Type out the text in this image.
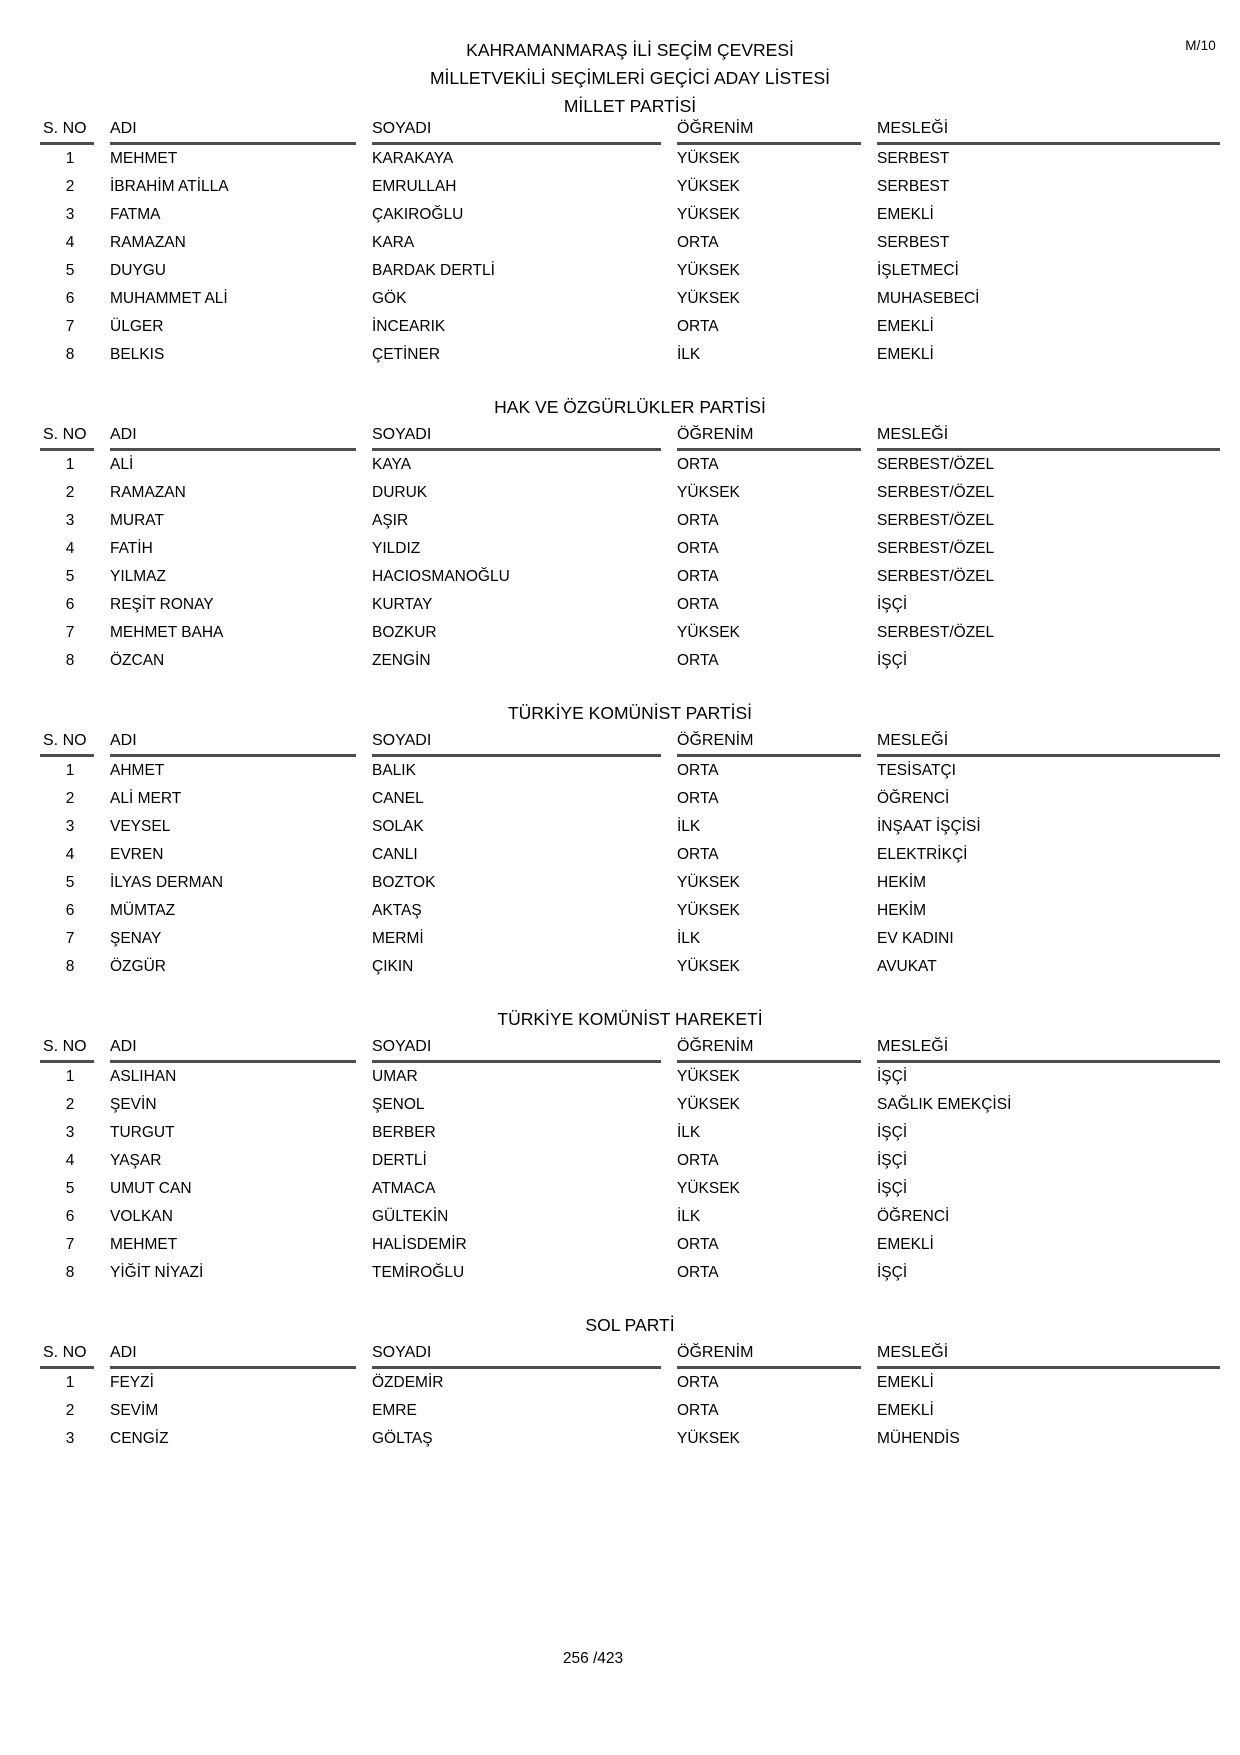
M/10
KAHRAMANMARAŞ İLİ SEÇİM ÇEVRESİ
MİLLETVEKİLİ SEÇİMLERİ GEÇİCİ ADAY LİSTESİ
MİLLET PARTİSİ
S. NO	ADI	SOYADI	ÖĞRENİM	MESLEĞİ
1	MEHMET	KARAKAYA	YÜKSEK	SERBEST
2	İBRAHİM ATİLLA	EMRULLAH	YÜKSEK	SERBEST
3	FATMA	ÇAKIROĞLU	YÜKSEK	EMEKLİ
4	RAMAZAN	KARA	ORTA	SERBEST
5	DUYGU	BARDAK DERTLİ	YÜKSEK	İŞLETMECİ
6	MUHAMMET ALİ	GÖK	YÜKSEK	MUHASEBECİ
7	ÜLGER	İNCEARIK	ORTA	EMEKLİ
8	BELKIS	ÇETİNER	İLK	EMEKLİ
HAK VE ÖZGÜRLÜKLER PARTİSİ
S. NO	ADI	SOYADI	ÖĞRENİM	MESLEĞİ
1	ALİ	KAYA	ORTA	SERBEST/ÖZEL
2	RAMAZAN	DURUK	YÜKSEK	SERBEST/ÖZEL
3	MURAT	AŞIR	ORTA	SERBEST/ÖZEL
4	FATİH	YILDIZ	ORTA	SERBEST/ÖZEL
5	YILMAZ	HACIOSMANOĞLU	ORTA	SERBEST/ÖZEL
6	REŞİT RONAY	KURTAY	ORTA	İŞÇİ
7	MEHMET BAHA	BOZKUR	YÜKSEK	SERBEST/ÖZEL
8	ÖZCAN	ZENGİN	ORTA	İŞÇİ
TÜRKİYE KOMÜNİST PARTİSİ
S. NO	ADI	SOYADI	ÖĞRENİM	MESLEĞİ
1	AHMET	BALIK	ORTA	TESİSATÇI
2	ALİ MERT	CANEL	ORTA	ÖĞRENCİ
3	VEYSEL	SOLAK	İLK	İNŞAAT İŞÇİSİ
4	EVREN	CANLI	ORTA	ELEKTRİKÇİ
5	İLYAS DERMAN	BOZTOK	YÜKSEK	HEKİM
6	MÜMTAZ	AKTAŞ	YÜKSEK	HEKİM
7	ŞENAY	MERMİ	İLK	EV KADINI
8	ÖZGÜR	ÇIKIN	YÜKSEK	AVUKAT
TÜRKİYE KOMÜNİST HAREKETİ
S. NO	ADI	SOYADI	ÖĞRENİM	MESLEĞİ
1	ASLIHAN	UMAR	YÜKSEK	İŞÇİ
2	ŞEVİN	ŞENOL	YÜKSEK	SAĞLIK EMEKÇİSİ
3	TURGUT	BERBER	İLK	İŞÇİ
4	YAŞAR	DERTLİ	ORTA	İŞÇİ
5	UMUT CAN	ATMACA	YÜKSEK	İŞÇİ
6	VOLKAN	GÜLTEKİN	İLK	ÖĞRENCİ
7	MEHMET	HALİSDEMİR	ORTA	EMEKLİ
8	YİĞİT NİYAZİ	TEMİROĞLU	ORTA	İŞÇİ
SOL PARTİ
S. NO	ADI	SOYADI	ÖĞRENİM	MESLEĞİ
1	FEYZİ	ÖZDEMİR	ORTA	EMEKLİ
2	SEVİM	EMRE	ORTA	EMEKLİ
3	CENGİZ	GÖLTAŞ	YÜKSEK	MÜHENDİS
256 /423
